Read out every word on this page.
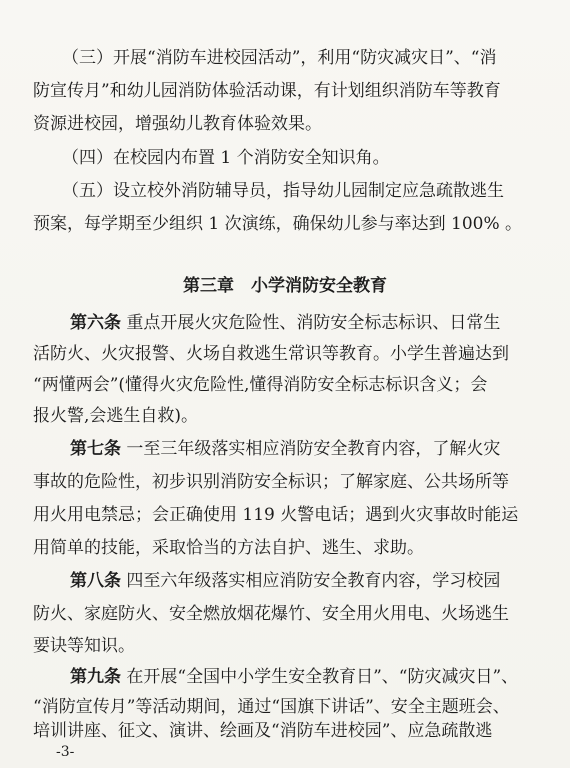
（三）开展“消防车进校园活动”，利用“防灾减灾日”、“消
防宣传月”和幼儿园消防体验活动课，有计划组织消防车等教育
资源进校园，增强幼儿教育体验效果。
（四）在校园内布置 1 个消防安全知识角。
（五）设立校外消防辅导员，指导幼儿园制定应急疏散逃生
预案，每学期至少组织 1 次演练，确保幼儿参与率达到 100% 。
第三章　小学消防安全教育
第六条 重点开展火灾危险性、消防安全标志标识、日常生
活防火、火灾报警、火场自救逃生常识等教育。小学生普遍达到
“两懂两会”(懂得火灾危险性,懂得消防安全标志标识含义；会
报火警,会逃生自救)。
第七条 一至三年级落实相应消防安全教育内容，了解火灾
事故的危险性，初步识别消防安全标识；了解家庭、公共场所等
用火用电禁忌；会正确使用 119 火警电话；遇到火灾事故时能运
用简单的技能，采取恰当的方法自护、逃生、求助。
第八条 四至六年级落实相应消防安全教育内容，学习校园
防火、家庭防火、安全燃放烟花爆竹、安全用火用电、火场逃生
要诀等知识。
第九条 在开展“全国中小学生安全教育日”、“防灾减灾日”、
“消防宣传月”等活动期间，通过“国旗下讲话”、安全主题班会、
培训讲座、征文、演讲、绘画及“消防车进校园”、应急疏散逃
-3-
